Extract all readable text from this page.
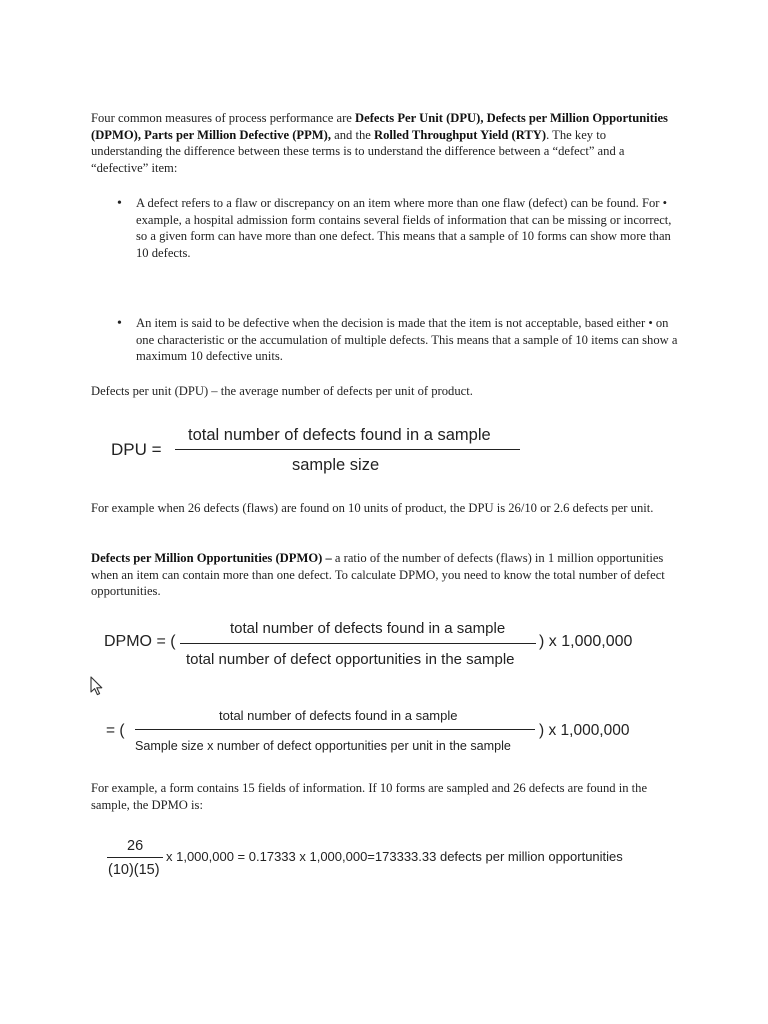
Four common measures of process performance are Defects Per Unit (DPU), Defects per Million Opportunities (DPMO), Parts per Million Defective (PPM), and the Rolled Throughput Yield (RTY). The key to understanding the difference between these terms is to understand the difference between a “defect” and a “defective” item:
• A defect refers to a flaw or discrepancy on an item where more than one flaw (defect) can be found. For • example, a hospital admission form contains several fields of information that can be missing or incorrect, so a given form can have more than one defect. This means that a sample of 10 forms can show more than 10 defects.
• An item is said to be defective when the decision is made that the item is not acceptable, based either • on one characteristic or the accumulation of multiple defects. This means that a sample of 10 items can show a maximum 10 defective units.
Defects per unit (DPU) – the average number of defects per unit of product.
DPU =
total number of defects found in a sample
sample size
For example when 26 defects (flaws) are found on 10 units of product, the DPU is 26/10 or 2.6 defects per unit.
Defects per Million Opportunities (DPMO) – a ratio of the number of defects (flaws) in 1 million opportunities when an item can contain more than one defect. To calculate DPMO, you need to know the total number of defect opportunities.
DPMO = (
total number of defects found in a sample
total number of defect opportunities in the sample
) x 1,000,000
= (
total number of defects found in a sample
Sample size x number of defect opportunities per unit in the sample
) x 1,000,000
For example, a form contains 15 fields of information. If 10 forms are sampled and 26 defects are found in the sample, the DPMO is:
26
(10)(15)
x 1,000,000 = 0.17333 x 1,000,000=173333.33 defects per million opportunities
